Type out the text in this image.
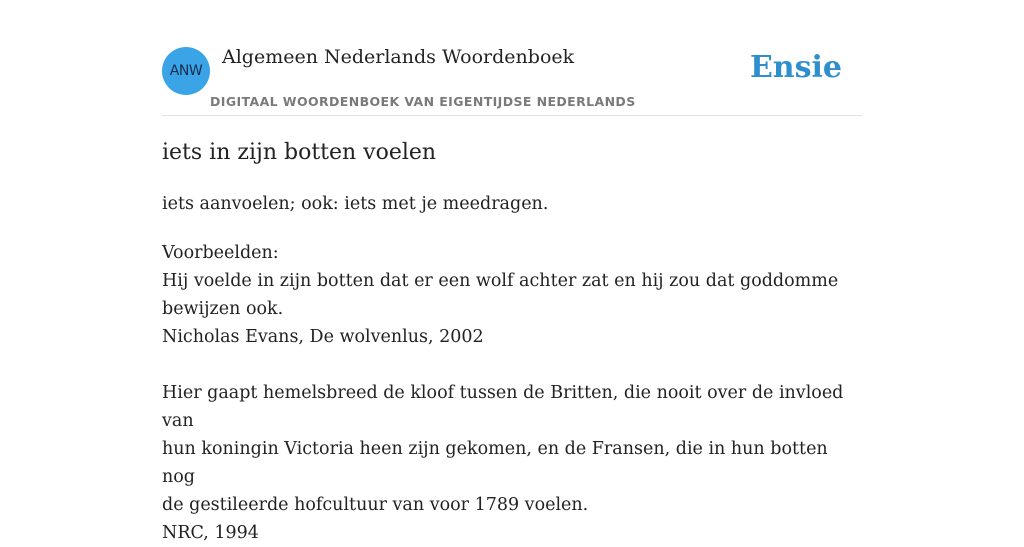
ANW
Algemeen Nederlands Woordenboek
DIGITAAL WOORDENBOEK VAN EIGENTIJDSE NEDERLANDS
Ensie
iets in zijn botten voelen
iets aanvoelen; ook: iets met je meedragen.
Voorbeelden:
Hij voelde in zijn botten dat er een wolf achter zat en hij zou dat goddomme
bewijzen ook.
Nicholas Evans, De wolvenlus, 2002
Hier gaapt hemelsbreed de kloof tussen de Britten, die nooit over de invloed van
hun koningin Victoria heen zijn gekomen, en de Fransen, die in hun botten nog
de gestileerde hofcultuur van voor 1789 voelen.
NRC, 1994
